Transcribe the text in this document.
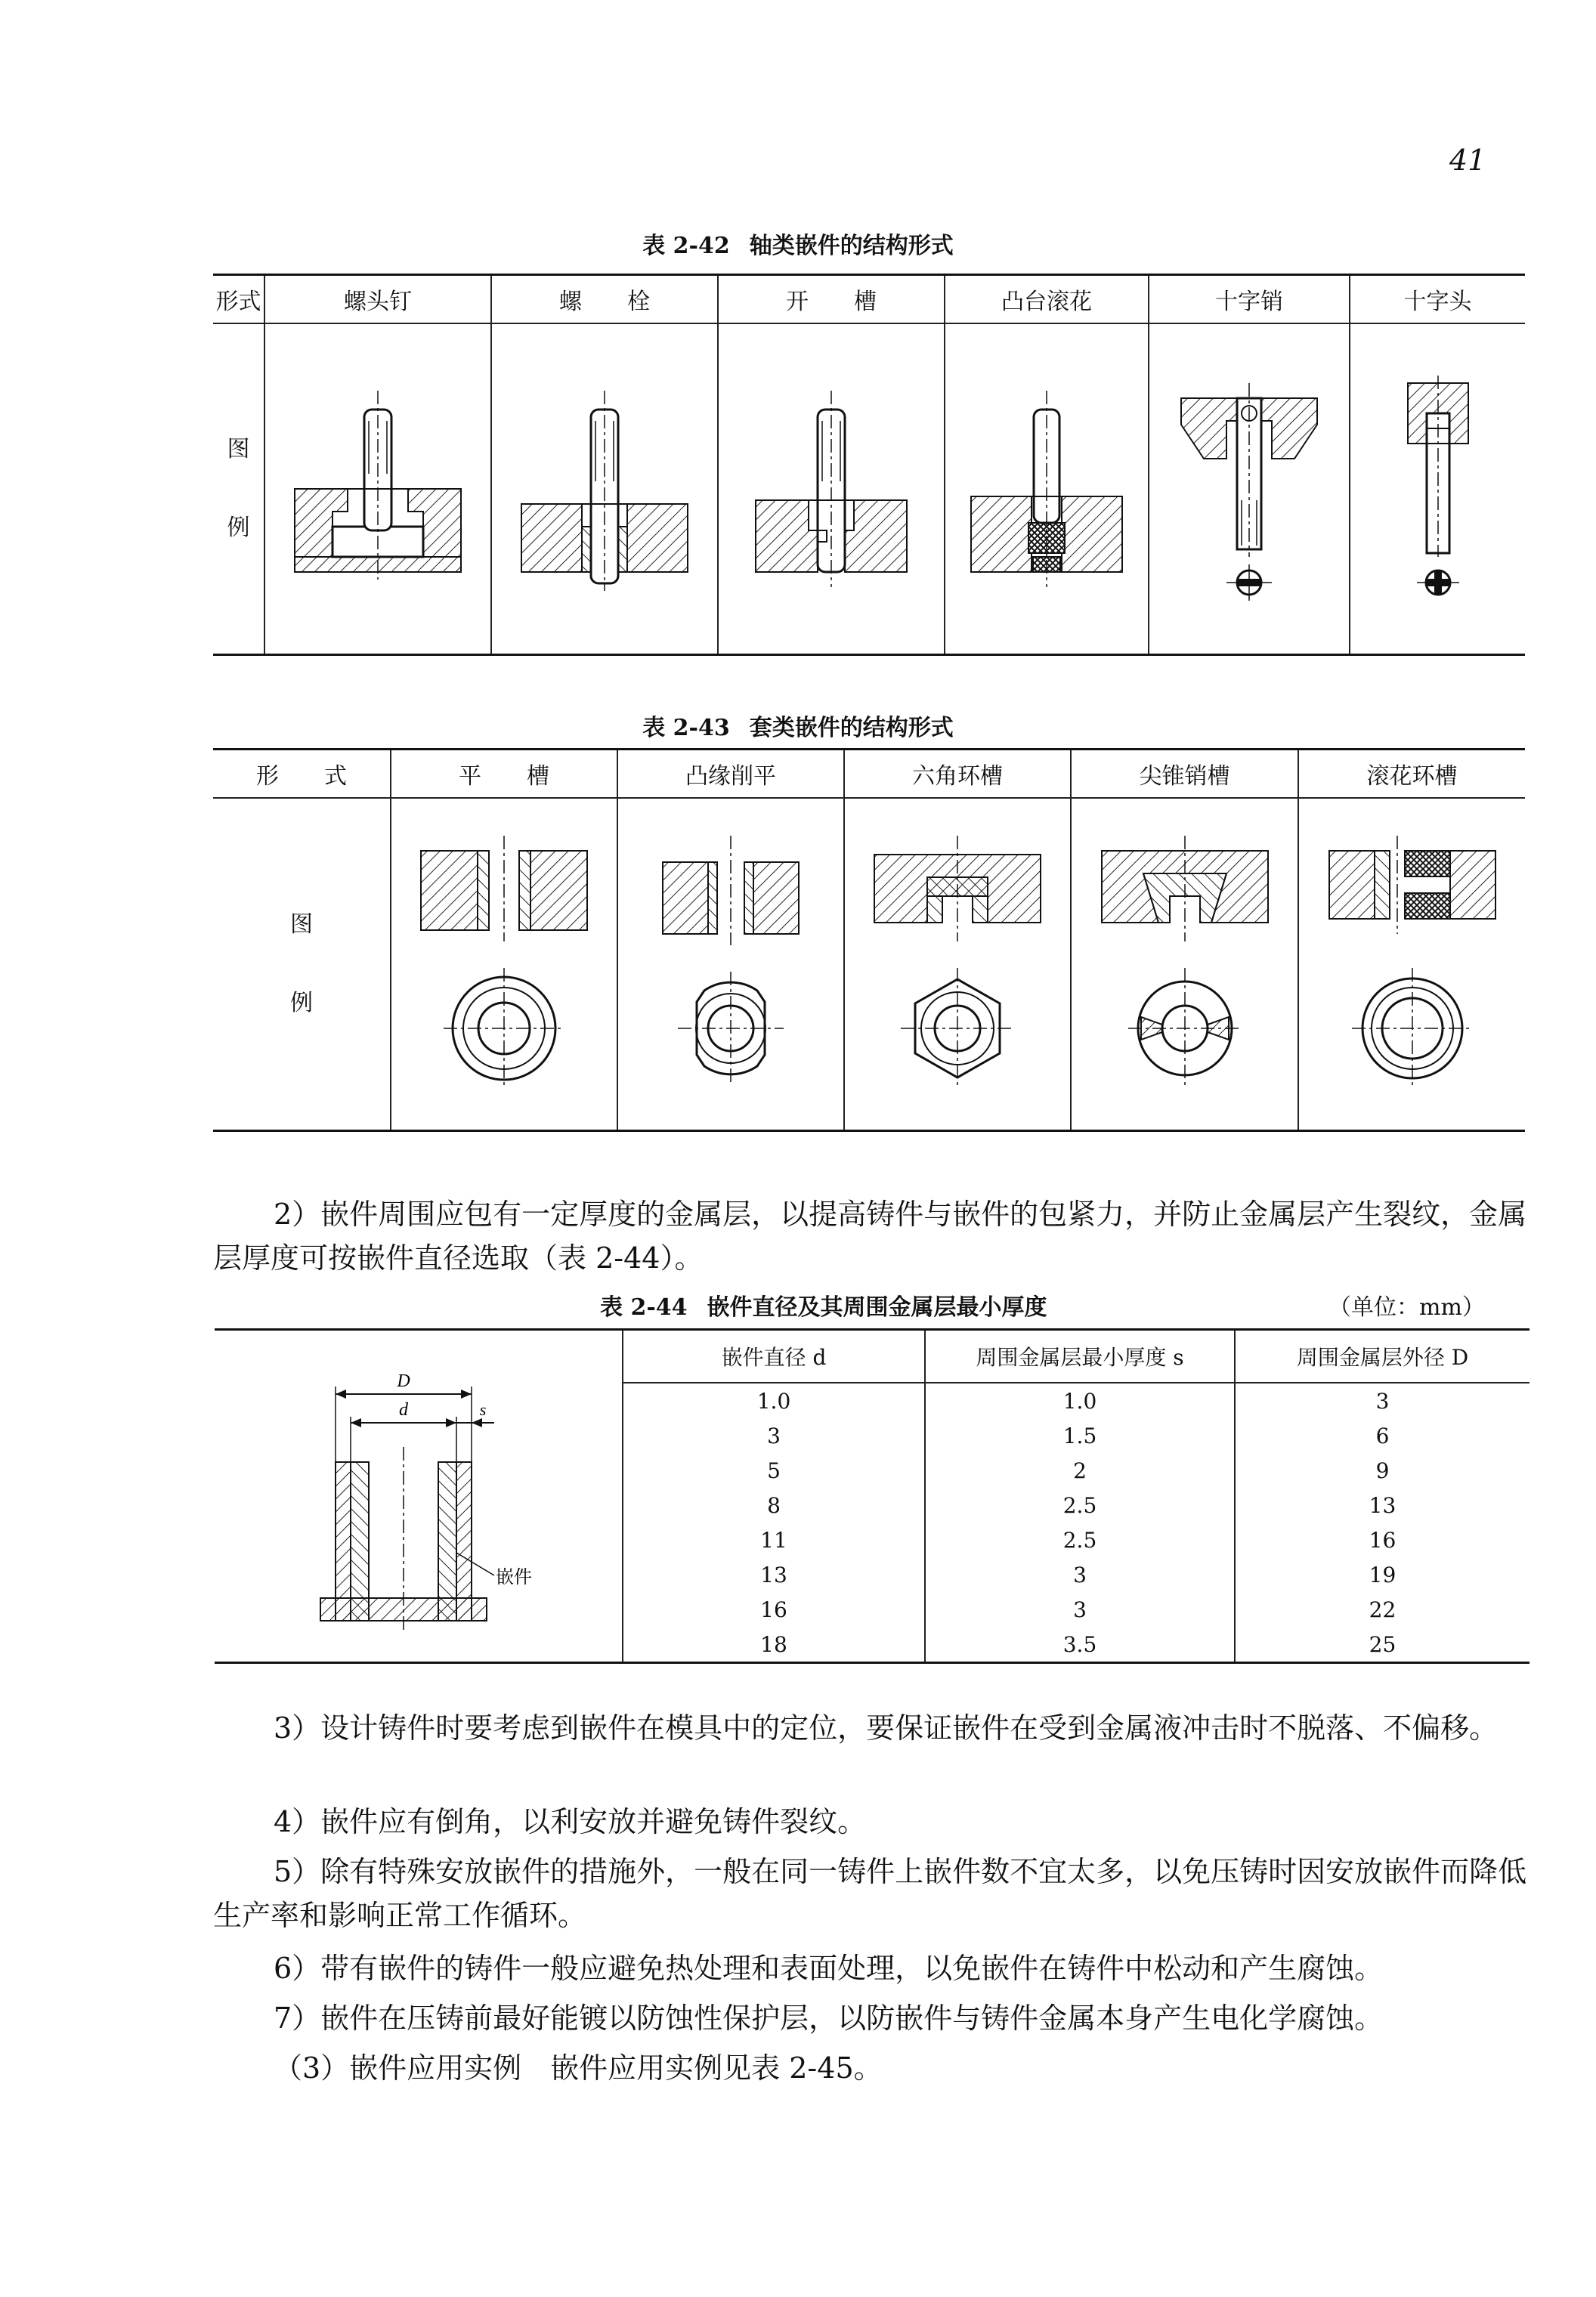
41
表 2-42 轴类嵌件的结构形式
形式	螺头钉	螺　　栓	开　　槽	凸台滚花	十字销	十字头

图
例

表 2-43 套类嵌件的结构形式
形　　式	平　　槽	凸缘削平	六角环槽	尖锥销槽	滚花环槽

图
例

2）嵌件周围应包有一定厚度的金属层，以提高铸件与嵌件的包紧力，并防止金属层产生裂纹，金属层厚度可按嵌件直径选取（表 2-44）。
表 2-44 嵌件直径及其周围金属层最小厚度	（单位：mm）
D
d s
嵌件	嵌件直径 d	周围金属层最小厚度 s	周围金属层外径 D
	1.0	1.0	3
	3	1.5	6
	5	2	9
	8	2.5	13
	11	2.5	16
	13	3	19
	16	3	22
	18	3.5	25
3）设计铸件时要考虑到嵌件在模具中的定位，要保证嵌件在受到金属液冲击时不脱落、不偏移。
4）嵌件应有倒角，以利安放并避免铸件裂纹。
5）除有特殊安放嵌件的措施外，一般在同一铸件上嵌件数不宜太多，以免压铸时因安放嵌件而降低生产率和影响正常工作循环。
6）带有嵌件的铸件一般应避免热处理和表面处理，以免嵌件在铸件中松动和产生腐蚀。
7）嵌件在压铸前最好能镀以防蚀性保护层，以防嵌件与铸件金属本身产生电化学腐蚀。
（3）嵌件应用实例　嵌件应用实例见表 2-45。
